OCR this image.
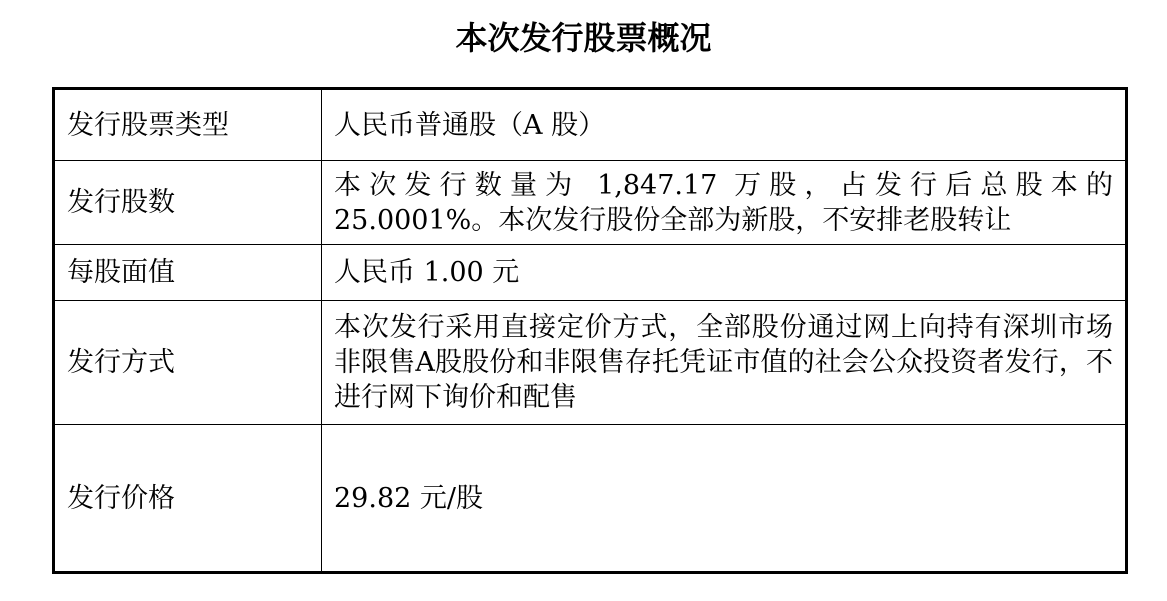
本次发行股票概况
发行股票类型	人民币普通股（A 股）
发行股数	本次发行数量为 1,847.17 万股，占发行后总股本的 25.0001%。本次发行股份全部为新股，不安排老股转让
每股面值	人民币 1.00 元
发行方式	本次发行采用直接定价方式，全部股份通过网上向持有深圳市场非限售A股股份和非限售存托凭证市值的社会公众投资者发行，不进行网下询价和配售
发行价格	29.82 元/股
